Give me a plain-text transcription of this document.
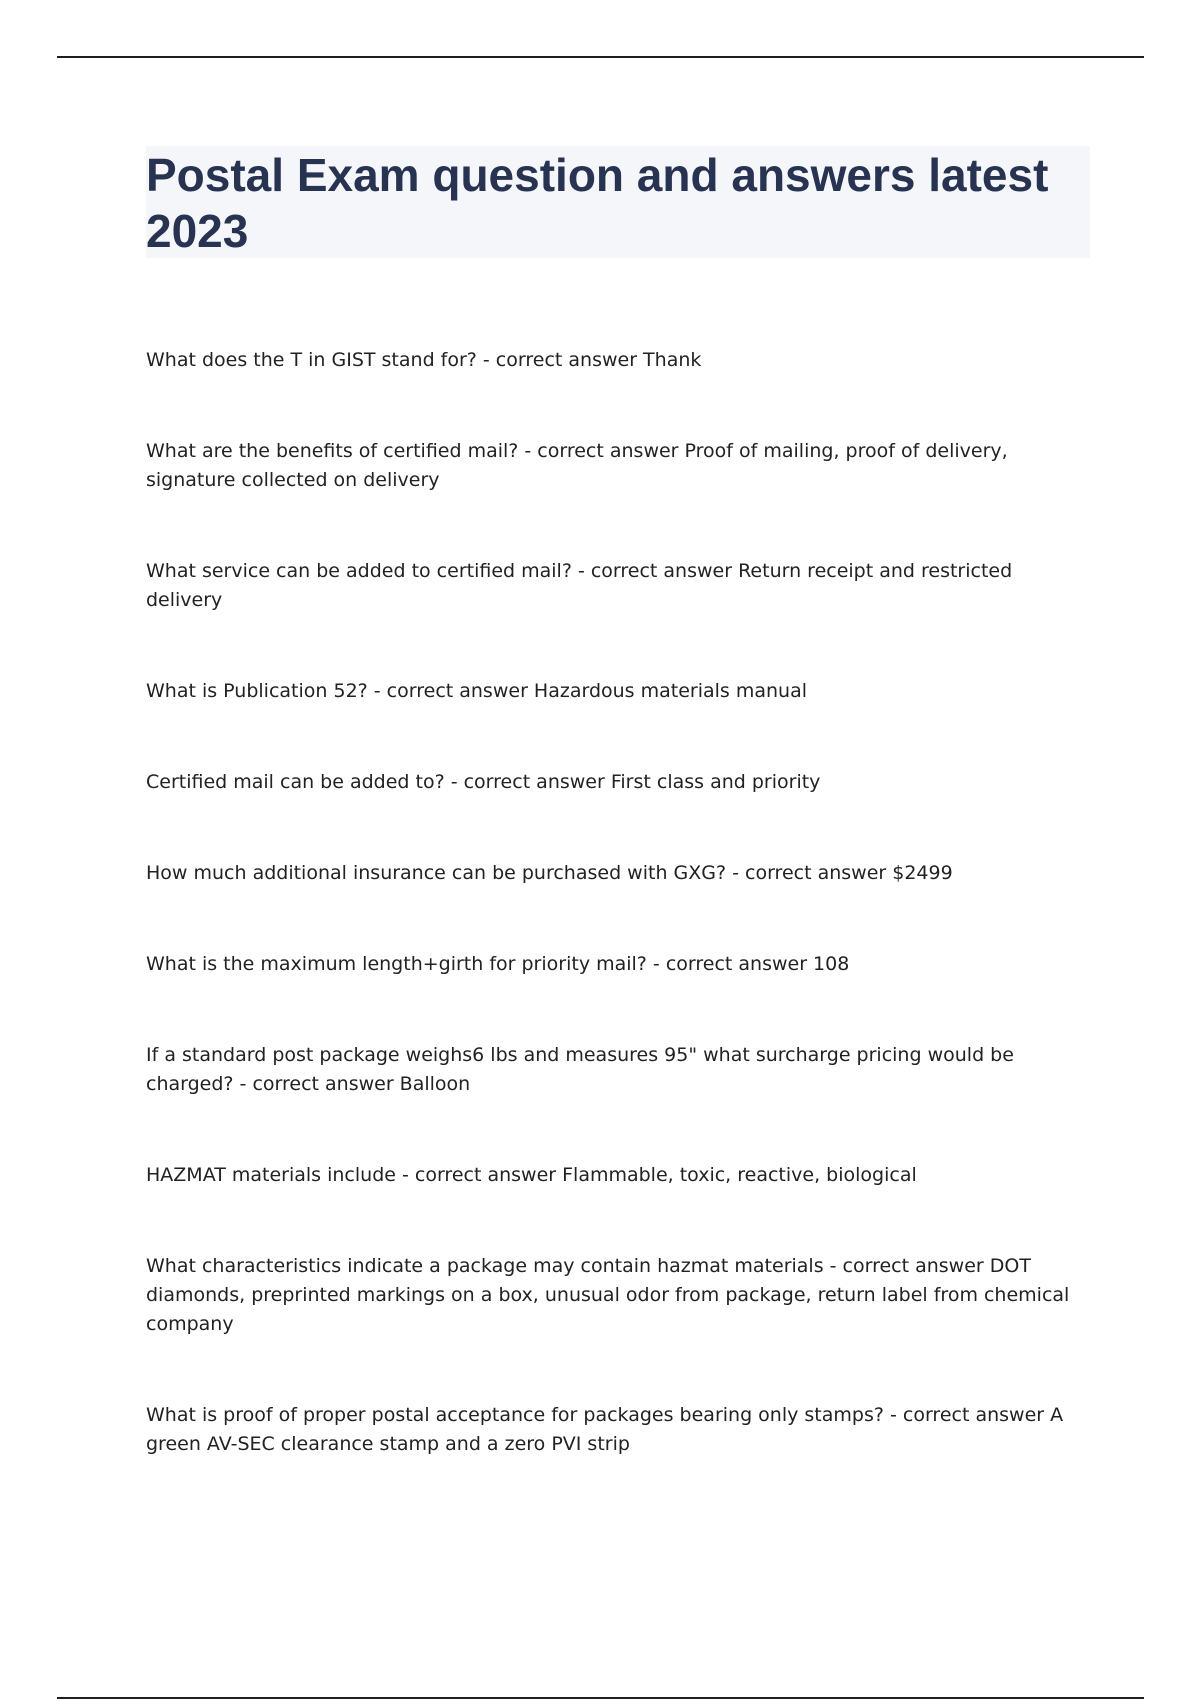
Postal Exam question and answers latest 2023

What does the T in GIST stand for? - correct answer Thank

What are the benefits of certified mail? - correct answer Proof of mailing, proof of delivery, signature collected on delivery

What service can be added to certified mail? - correct answer Return receipt and restricted delivery

What is Publication 52? - correct answer Hazardous materials manual

Certified mail can be added to? - correct answer First class and priority

How much additional insurance can be purchased with GXG? - correct answer $2499

What is the maximum length+girth for priority mail? - correct answer 108

If a standard post package weighs6 lbs and measures 95" what surcharge pricing would be charged? - correct answer Balloon

HAZMAT materials include - correct answer Flammable, toxic, reactive, biological

What characteristics indicate a package may contain hazmat materials - correct answer DOT diamonds, preprinted markings on a box, unusual odor from package, return label from chemical company

What is proof of proper postal acceptance for packages bearing only stamps? - correct answer A green AV-SEC clearance stamp and a zero PVI strip
